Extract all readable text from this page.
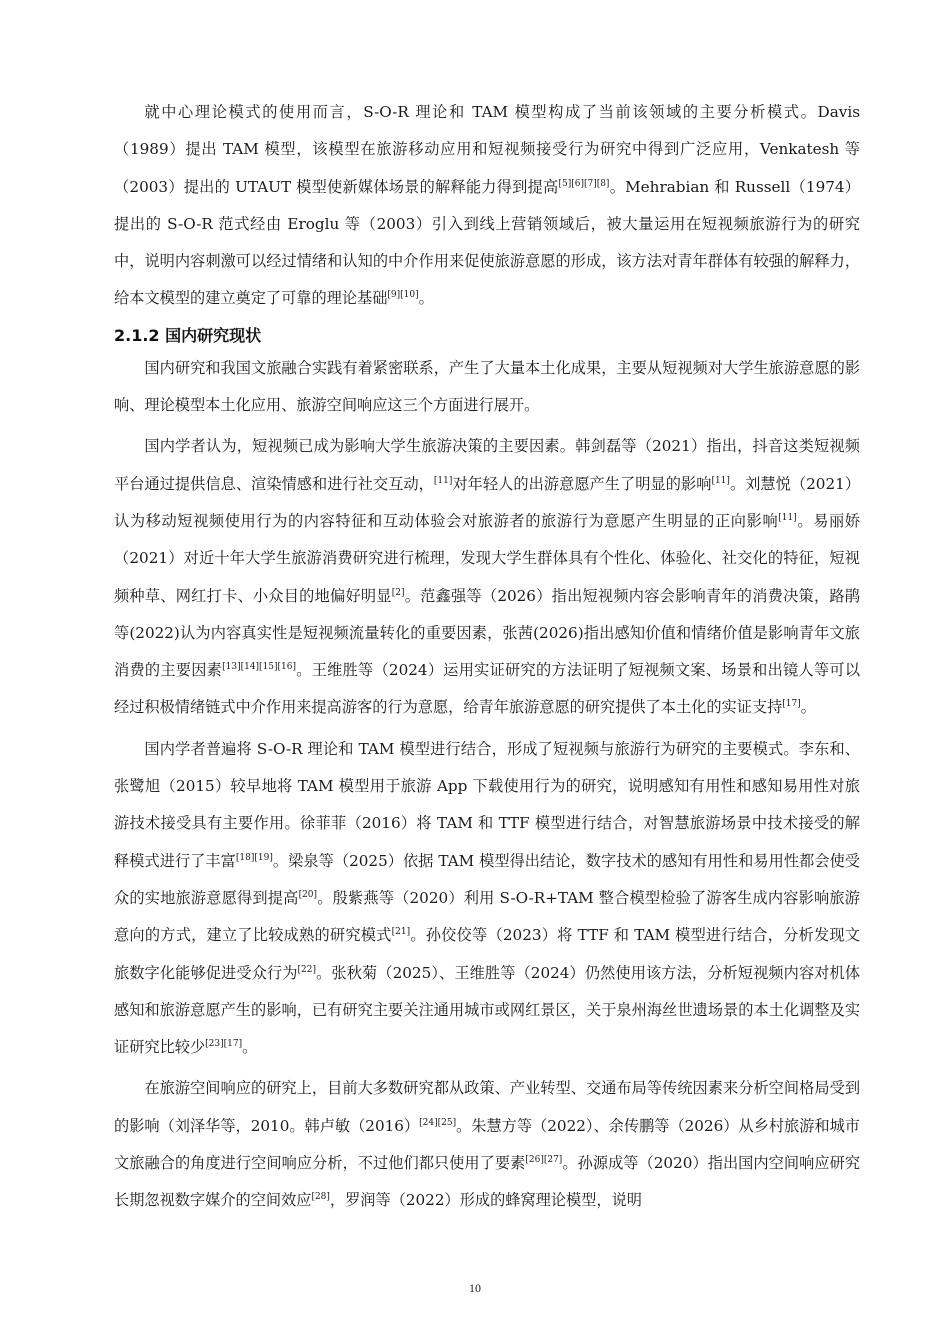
就中心理论模式的使用而言，S-O-R 理论和 TAM 模型构成了当前该领域的主要分析模式。Davis（1989）提出 TAM 模型，该模型在旅游移动应用和短视频接受行为研究中得到广泛应用，Venkatesh 等（2003）提出的 UTAUT 模型使新媒体场景的解释能力得到提高[5][6][7][8]。Mehrabian 和 Russell（1974）提出的 S-O-R 范式经由 Eroglu 等（2003）引入到线上营销领域后，被大量运用在短视频旅游行为的研究中，说明内容刺激可以经过情绪和认知的中介作用来促使旅游意愿的形成，该方法对青年群体有较强的解释力，给本文模型的建立奠定了可靠的理论基础[9][10]。

2.1.2 国内研究现状

国内研究和我国文旅融合实践有着紧密联系，产生了大量本土化成果，主要从短视频对大学生旅游意愿的影响、理论模型本土化应用、旅游空间响应这三个方面进行展开。

国内学者认为，短视频已成为影响大学生旅游决策的主要因素。韩剑磊等（2021）指出，抖音这类短视频平台通过提供信息、渲染情感和进行社交互动，[11]对年轻人的出游意愿产生了明显的影响[11]。刘慧悦（2021）认为移动短视频使用行为的内容特征和互动体验会对旅游者的旅游行为意愿产生明显的正向影响[11]。易丽娇（2021）对近十年大学生旅游消费研究进行梳理，发现大学生群体具有个性化、体验化、社交化的特征，短视频种草、网红打卡、小众目的地偏好明显[2]。范鑫强等（2026）指出短视频内容会影响青年的消费决策，路鹃等(2022)认为内容真实性是短视频流量转化的重要因素，张茜(2026)指出感知价值和情绪价值是影响青年文旅消费的主要因素[13][14][15][16]。王维胜等（2024）运用实证研究的方法证明了短视频文案、场景和出镜人等可以经过积极情绪链式中介作用来提高游客的行为意愿，给青年旅游意愿的研究提供了本土化的实证支持[17]。

国内学者普遍将 S-O-R 理论和 TAM 模型进行结合，形成了短视频与旅游行为研究的主要模式。李东和、张鹭旭（2015）较早地将 TAM 模型用于旅游 App 下载使用行为的研究，说明感知有用性和感知易用性对旅游技术接受具有主要作用。徐菲菲（2016）将 TAM 和 TTF 模型进行结合，对智慧旅游场景中技术接受的解释模式进行了丰富[18][19]。梁泉等（2025）依据 TAM 模型得出结论，数字技术的感知有用性和易用性都会使受众的实地旅游意愿得到提高[20]。殷紫燕等（2020）利用 S-O-R+TAM 整合模型检验了游客生成内容影响旅游意向的方式，建立了比较成熟的研究模式[21]。孙佼佼等（2023）将 TTF 和 TAM 模型进行结合，分析发现文旅数字化能够促进受众行为[22]。张秋菊（2025）、王维胜等（2024）仍然使用该方法，分析短视频内容对机体感知和旅游意愿产生的影响，已有研究主要关注通用城市或网红景区，关于泉州海丝世遗场景的本土化调整及实证研究比较少[23][17]。

在旅游空间响应的研究上，目前大多数研究都从政策、产业转型、交通布局等传统因素来分析空间格局受到的影响（刘泽华等，2010。韩卢敏（2016）[24][25]。朱慧方等（2022）、余传鹏等（2026）从乡村旅游和城市文旅融合的角度进行空间响应分析，不过他们都只使用了要素[26][27]。孙源成等（2020）指出国内空间响应研究长期忽视数字媒介的空间效应[28]，罗润等（2022）形成的蜂窝理论模型，说明

10
